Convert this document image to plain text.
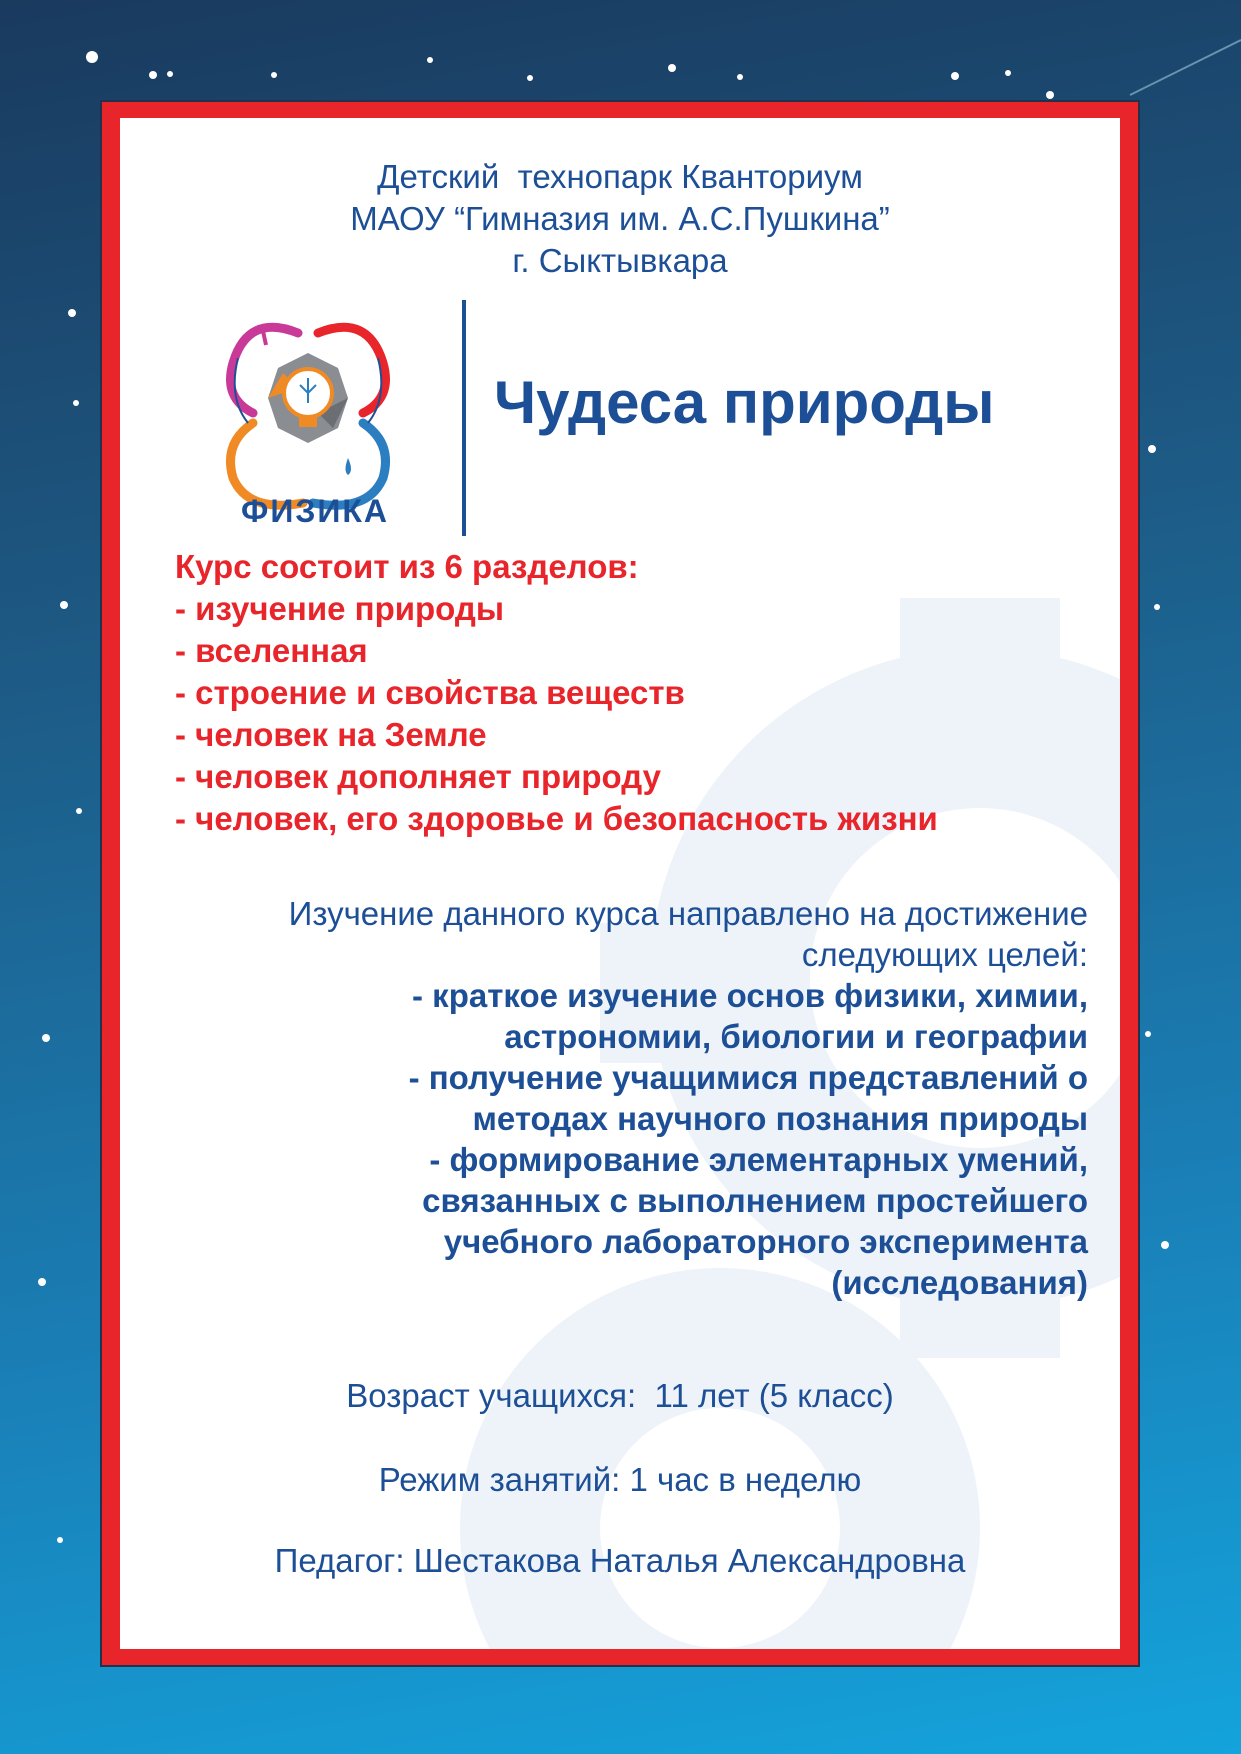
Детский  технопарк Кванториум
МАОУ “Гимназия им. А.С.Пушкина”
г. Сыктывкара
ФИЗИКА
Чудеса природы
Курс состоит из 6 разделов:
- изучение природы
- вселенная
- строение и свойства веществ
- человек на Земле
- человек дополняет природу
- человек, его здоровье и безопасность жизни
Изучение данного курса направлено на достижение
следующих целей:
- краткое изучение основ физики, химии,
астрономии, биологии и географии
- получение учащимися представлений о
методах научного познания природы
- формирование элементарных умений,
связанных с выполнением простейшего
учебного лабораторного эксперимента
(исследования)
Возраст учащихся:  11 лет (5 класс)
Режим занятий: 1 час в неделю
Педагог: Шестакова Наталья Александровна
